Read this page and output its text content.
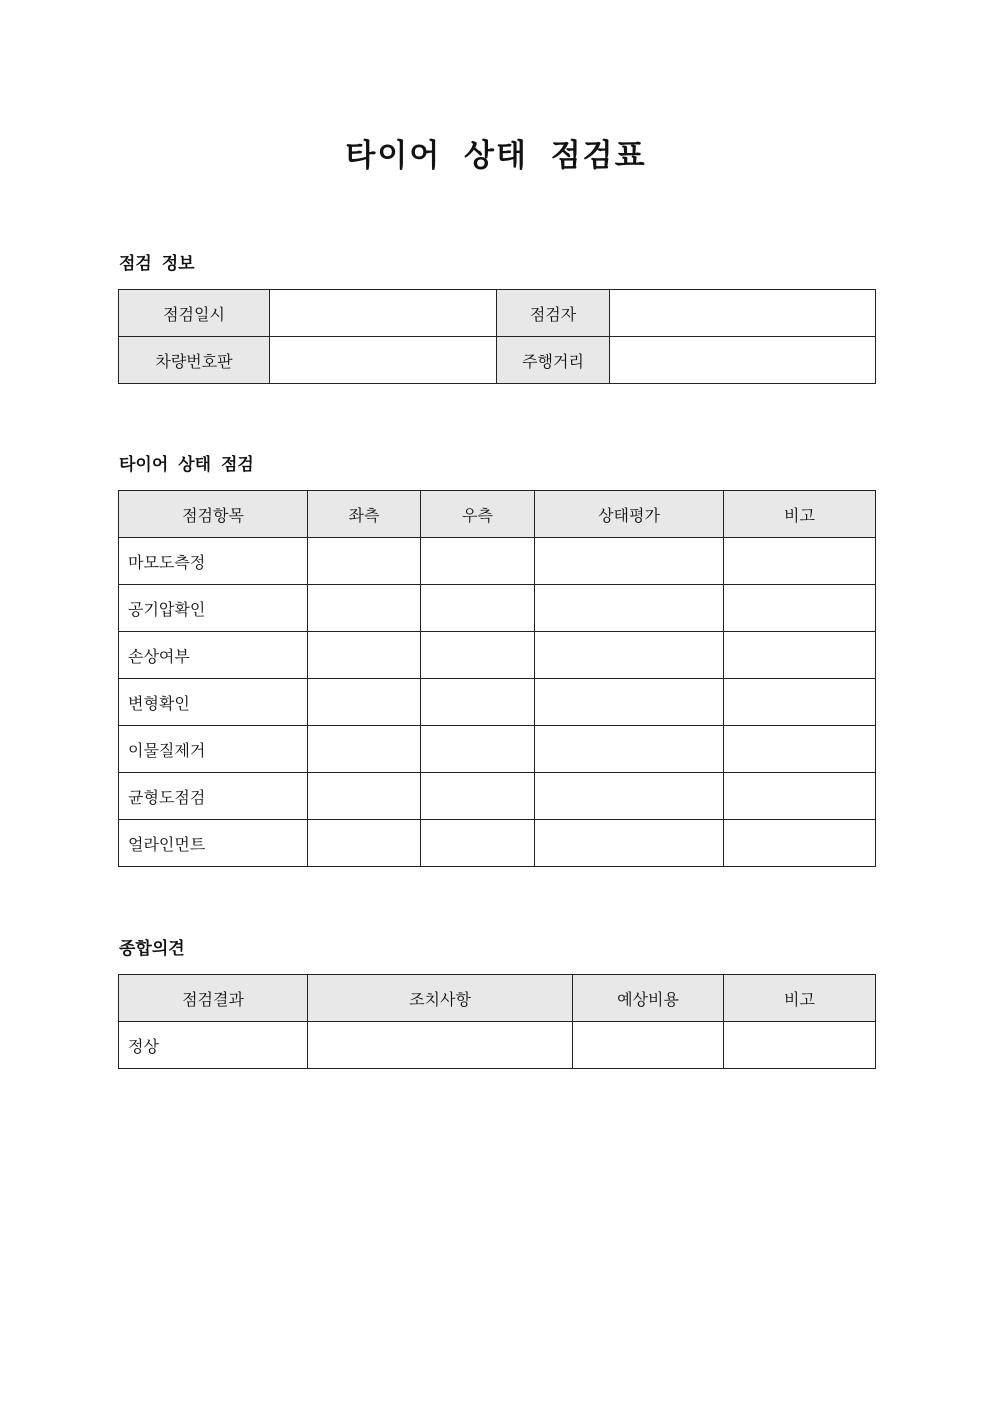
타이어 상태 점검표
점검 정보
점검일시		점검자	
차량번호판		주행거리	
타이어 상태 점검
점검항목	좌측	우측	상태평가	비고
마모도측정				
공기압확인				
손상여부				
변형확인				
이물질제거				
균형도점검				
얼라인먼트				
종합의견
점검결과	조치사항	예상비용	비고
정상			
